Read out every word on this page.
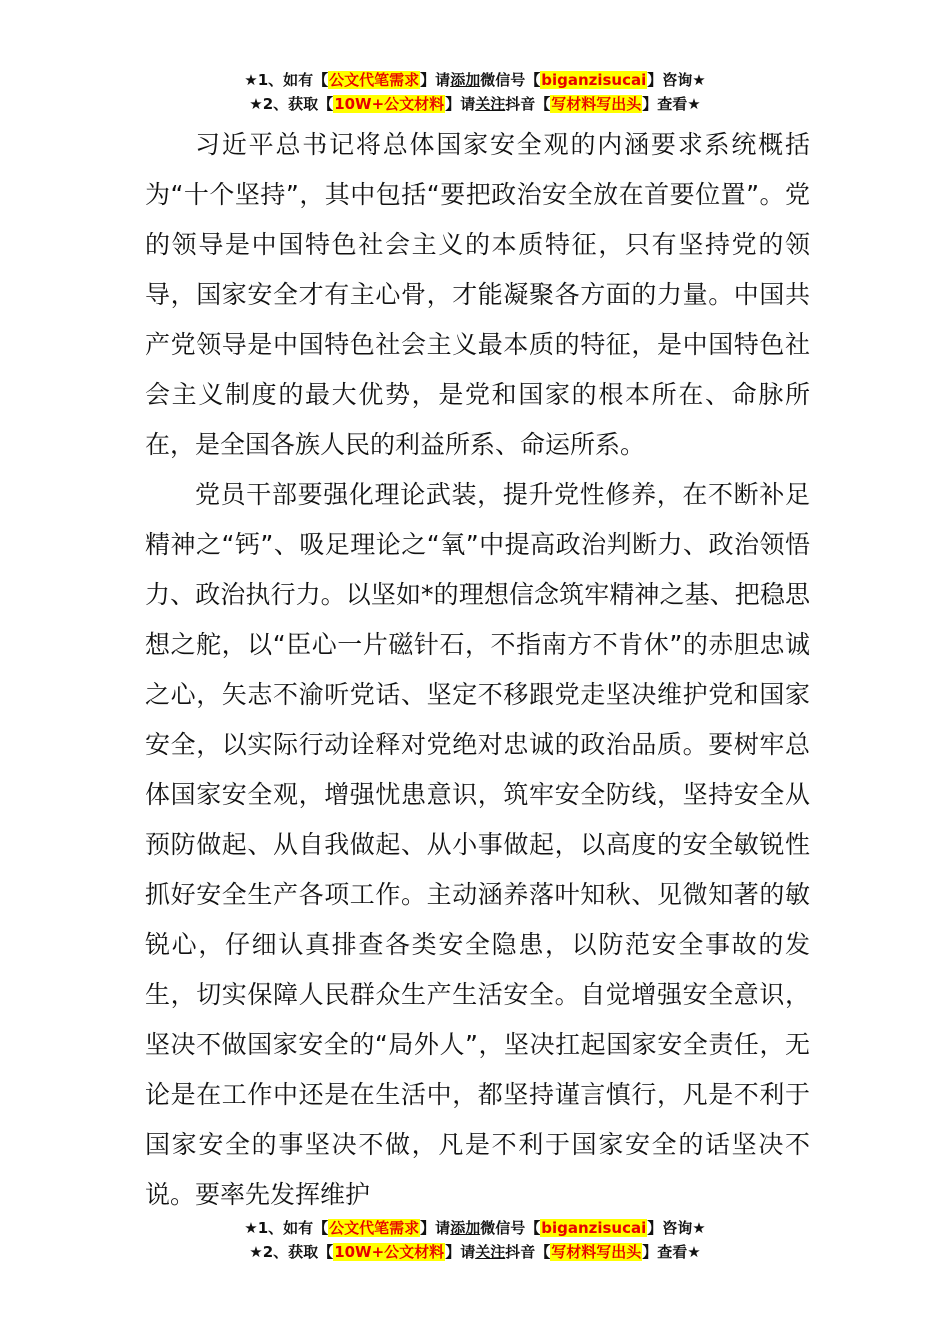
★1、如有【公文代笔需求】请添加微信号【biganzisucai】咨询★
★2、获取【10W+公文材料】请关注抖音【写材料写出头】查看★

习近平总书记将总体国家安全观的内涵要求系统概括为“十个坚持”，其中包括“要把政治安全放在首要位置”。党的领导是中国特色社会主义的本质特征，只有坚持党的领导，国家安全才有主心骨，才能凝聚各方面的力量。中国共产党领导是中国特色社会主义最本质的特征，是中国特色社会主义制度的最大优势，是党和国家的根本所在、命脉所在，是全国各族人民的利益所系、命运所系。

党员干部要强化理论武装，提升党性修养，在不断补足精神之“钙”、吸足理论之“氧”中提高政治判断力、政治领悟力、政治执行力。以坚如*的理想信念筑牢精神之基、把稳思想之舵，以“臣心一片磁针石，不指南方不肯休”的赤胆忠诚之心，矢志不渝听党话、坚定不移跟党走坚决维护党和国家安全，以实际行动诠释对党绝对忠诚的政治品质。要树牢总体国家安全观，增强忧患意识，筑牢安全防线，坚持安全从预防做起、从自我做起、从小事做起，以高度的安全敏锐性抓好安全生产各项工作。主动涵养落叶知秋、见微知著的敏锐心，仔细认真排查各类安全隐患，以防范安全事故的发生，切实保障人民群众生产生活安全。自觉增强安全意识，坚决不做国家安全的“局外人”，坚决扛起国家安全责任，无论是在工作中还是在生活中，都坚持谨言慎行，凡是不利于国家安全的事坚决不做，凡是不利于国家安全的话坚决不说。要率先发挥维护

★1、如有【公文代笔需求】请添加微信号【biganzisucai】咨询★
★2、获取【10W+公文材料】请关注抖音【写材料写出头】查看★
